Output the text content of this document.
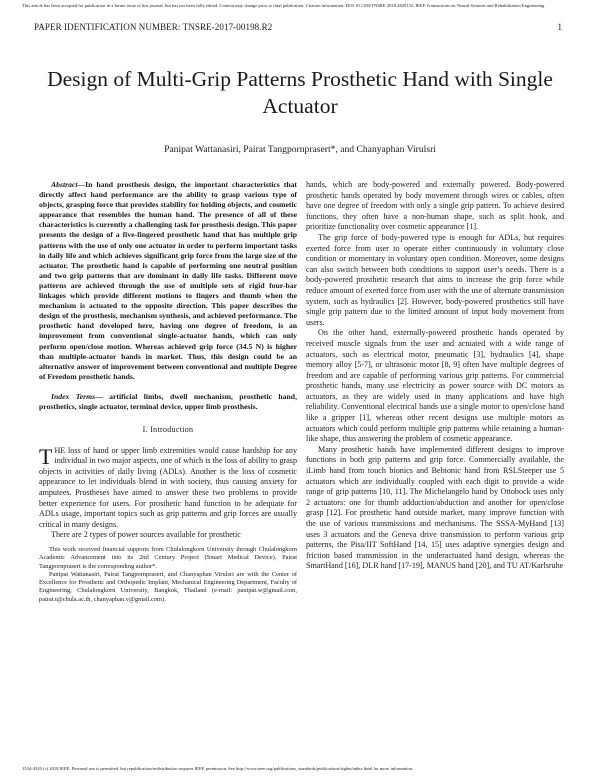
This article has been accepted for publication in a future issue of this journal, but has not been fully edited. Content may change prior to final publication. Citation information: DOI 10.1109/TNSRE.2018.2829152, IEEE Transactions on Neural Systems and Rehabilitation Engineering
PAPER IDENTIFICATION NUMBER: TNSRE-2017-00198.R2	1
Design of Multi-Grip Patterns Prosthetic Hand with Single Actuator
Panipat Wattanasiri, Pairat Tangpornprasert*, and Chanyaphan Virulsri

Abstract—In hand prosthesis design, the important characteristics that directly affect hand performance are the ability to grasp various type of objects, grasping force that provides stability for holding objects, and cosmetic appearance that resembles the human hand. The presence of all of these characteristics is currently a challenging task for prosthesis design. This paper presents the design of a five-fingered prosthetic hand that has multiple grip patterns with the use of only one actuator in order to perform important tasks in daily life and which achieves significant grip force from the large size of the actuator. The prosthetic hand is capable of performing one neutral position and two grip patterns that are dominant in daily life tasks. Different move patterns are achieved through the use of multiple sets of rigid four-bar linkages which provide different motions to fingers and thumb when the mechanism is actuated to the opposite direction. This paper describes the design of the prosthesis, mechanism synthesis, and achieved performance. The prosthetic hand developed here, having one degree of freedom, is an improvement from conventional single-actuator hands, which can only perform open/close motion. Whereas achieved grip force (34.5 N) is higher than multiple-actuator hands in market. Thus, this design could be an alternative answer of improvement between conventional and multiple Degree of Freedom prosthetic hands.

Index Terms— artificial limbs, dwell mechanism, prosthetic hand, prosthetics, single actuator, terminal device, upper limb prosthesis.

I. Introduction

THE loss of hand or upper limb extremities would cause hardship for any individual in two major aspects, one of which is the loss of ability to grasp objects in activities of daily living (ADLs). Another is the loss of cosmetic appearance to let individuals blend in with society, thus causing anxiety for amputees. Prostheses have aimed to answer these two problems to provide better experience for users. For prosthetic hand function to be adequate for ADLs usage, important topics such as grip patterns and grip forces are usually critical in many designs.

There are 2 types of power sources available for prosthetic

This work received financial supports from Chulalongkorn University through Chulalongkorn Academic Advancement into its 2nd Century Project (Smart Medical Device). Pairat Tangpornprasert is the corresponding author*.

Panipat Wattanasiri, Pairat Tangpornprasert, and Chanyaphan Virulsri are with the Center of Excellence for Prosthetic and Orthopedic Implant, Mechanical Engineering Department, Faculty of Engineering, Chulalongkorn University, Bangkok, Thailand (e-mail: panipat.w@gmail.com, pairat.t@chula.ac.th, chanyaphan.v@gmail.com).

hands, which are body-powered and externally powered. Body-powered prosthetic hands operated by body movement through wires or cables, often have one degree of freedom with only a single grip pattern. To achieve desired functions, they often have a non-human shape, such as split hook, and prioritize functionality over cosmetic appearance [1].

The grip force of body-powered type is enough for ADLs, but requires exerted force from user to operate either continuously in voluntary close condition or momentary in voluntary open condition. Moreover, some designs can also switch between both conditions to support user’s needs. There is a body-powered prosthetic research that aims to increase the grip force while reduce amount of exerted force from user with the use of alternate transmission system, such as hydraulics [2]. However, body-powered prosthetics still have single grip pattern due to the limited amount of input body movement from users.

On the other hand, externally-powered prosthetic hands operated by received muscle signals from the user and actuated with a wide range of actuators, such as electrical motor, pneumatic [3], hydraulics [4], shape memory alloy [5-7], or ultrasonic motor [8, 9] often have multiple degrees of freedom and are capable of performing various grip patterns. For commercial prosthetic hands, many use electricity as power source with DC motors as actuators, as they are widely used in many applications and have high reliability. Conventional electrical hands use a single motor to open/close hand like a gripper [1], whereas other recent designs use multiple motors as actuators which could perform multiple grip patterns while retaining a human-like shape, thus answering the problem of cosmetic appearance.

Many prosthetic hands have implemented different designs to improve functions in both grip patterns and grip force. Commercially available, the iLimb hand from touch bionics and Bebionic hand from RSLSteeper use 5 actuators which are individually coupled with each digit to provide a wide range of grip patterns [10, 11]. The Michelangelo hand by Ottobock uses only 2 actuators: one for thumb adduction/abduction and another for open/close grasp [12]. For prosthetic hand outside market, many improve function with the use of various transmissions and mechanisms. The SSSA-MyHand [13] uses 3 actuators and the Geneva drive transmission to perform various grip patterns, the Pisa/IIT SoftHand [14, 15] uses adaptive synergies design and friction based transmission in the underactuated hand design, whereas the SmartHand [16], DLR hand [17-19], MANUS hand [20], and TU AT/Karlsruhe

1534-4320 (c) 2018 IEEE. Personal use is permitted, but republication/redistribution requires IEEE permission. See http://www.ieee.org/publications_standards/publications/rights/index.html for more information.
